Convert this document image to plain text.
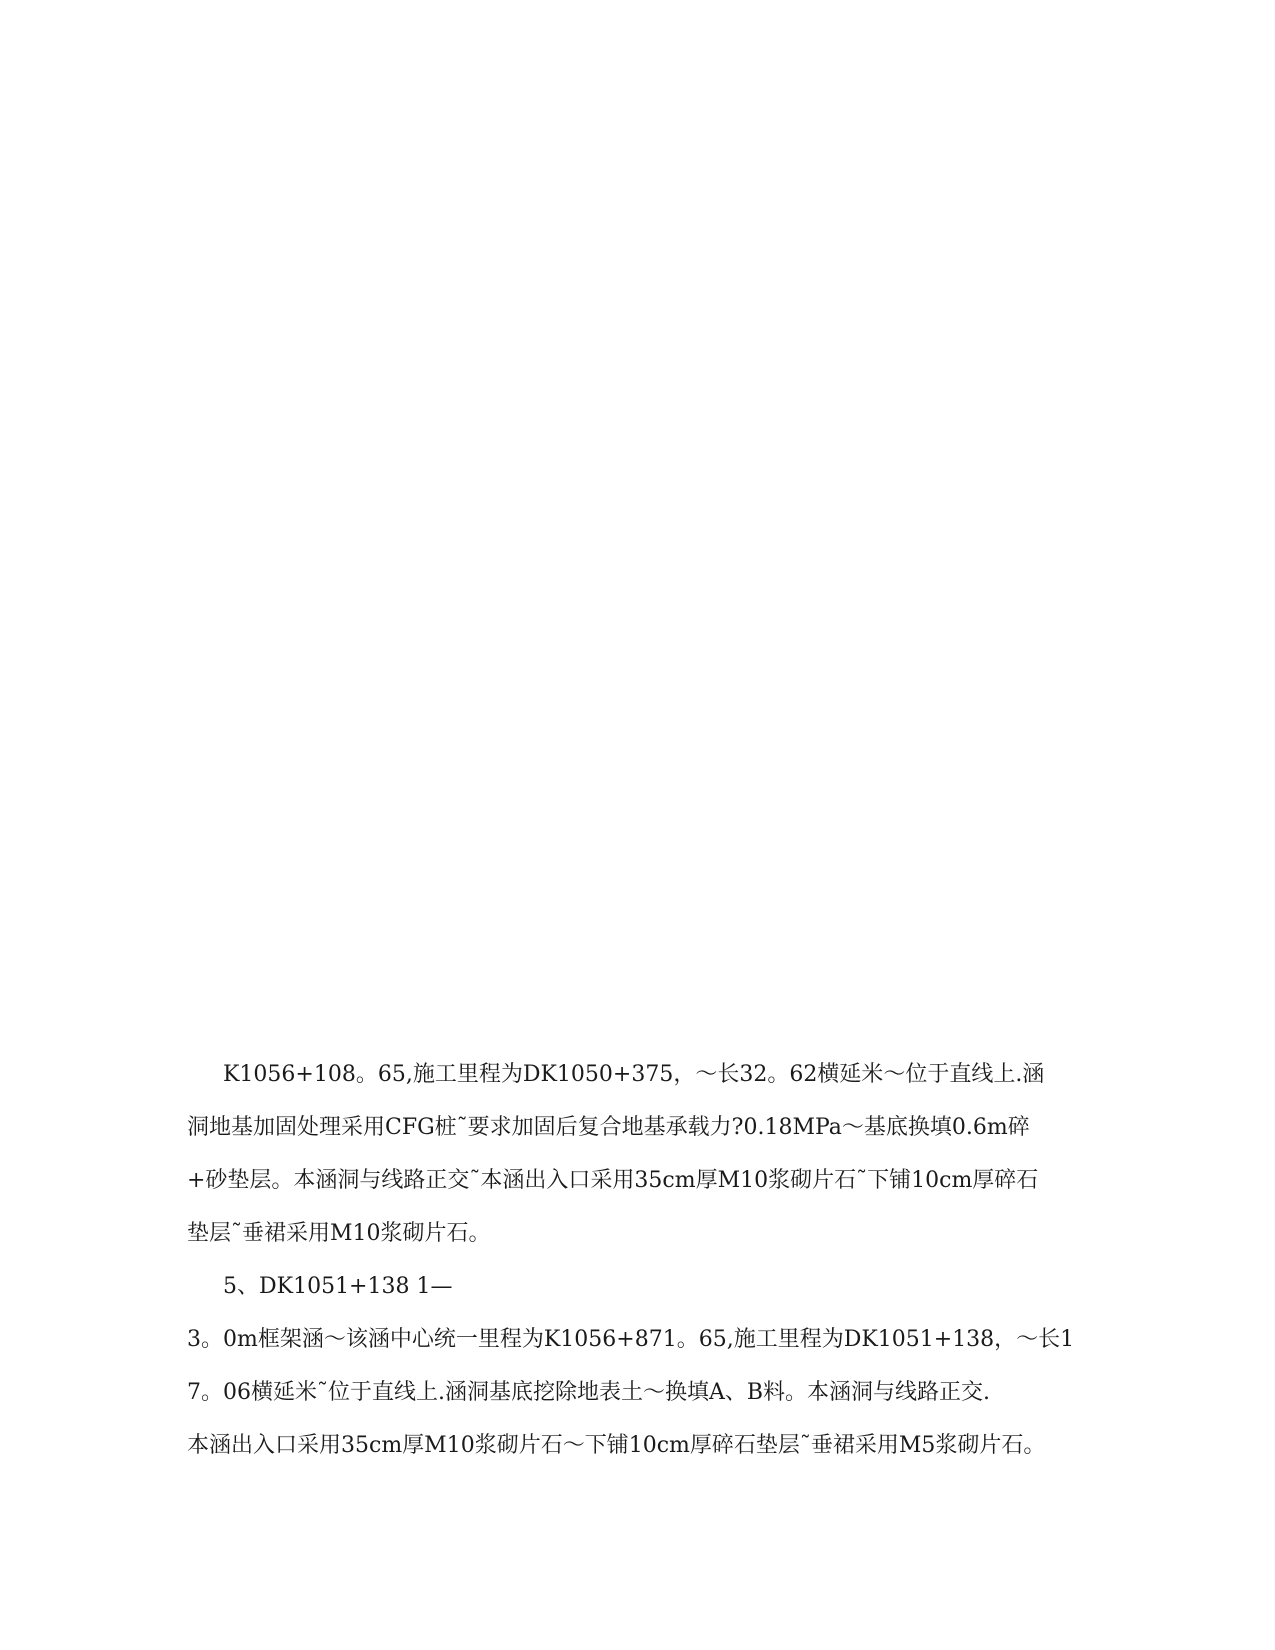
K1056+108。65,施工里程为DK1050+375，～长32。62横延米～位于直线上.涵
洞地基加固处理采用CFG桩˜要求加固后复合地基承载力?0.18MPa～基底换填0.6m碎
+砂垫层。本涵洞与线路正交˜本涵出入口采用35cm厚M10浆砌片石˜下铺10cm厚碎石
垫层˜垂裙采用M10浆砌片石。
5、DK1051+138 1—
3。0m框架涵～该涵中心统一里程为K1056+871。65,施工里程为DK1051+138，～长1
7。06横延米˜位于直线上.涵洞基底挖除地表土～换填A、B料。本涵洞与线路正交.
本涵出入口采用35cm厚M10浆砌片石～下铺10cm厚碎石垫层˜垂裙采用M5浆砌片石。
